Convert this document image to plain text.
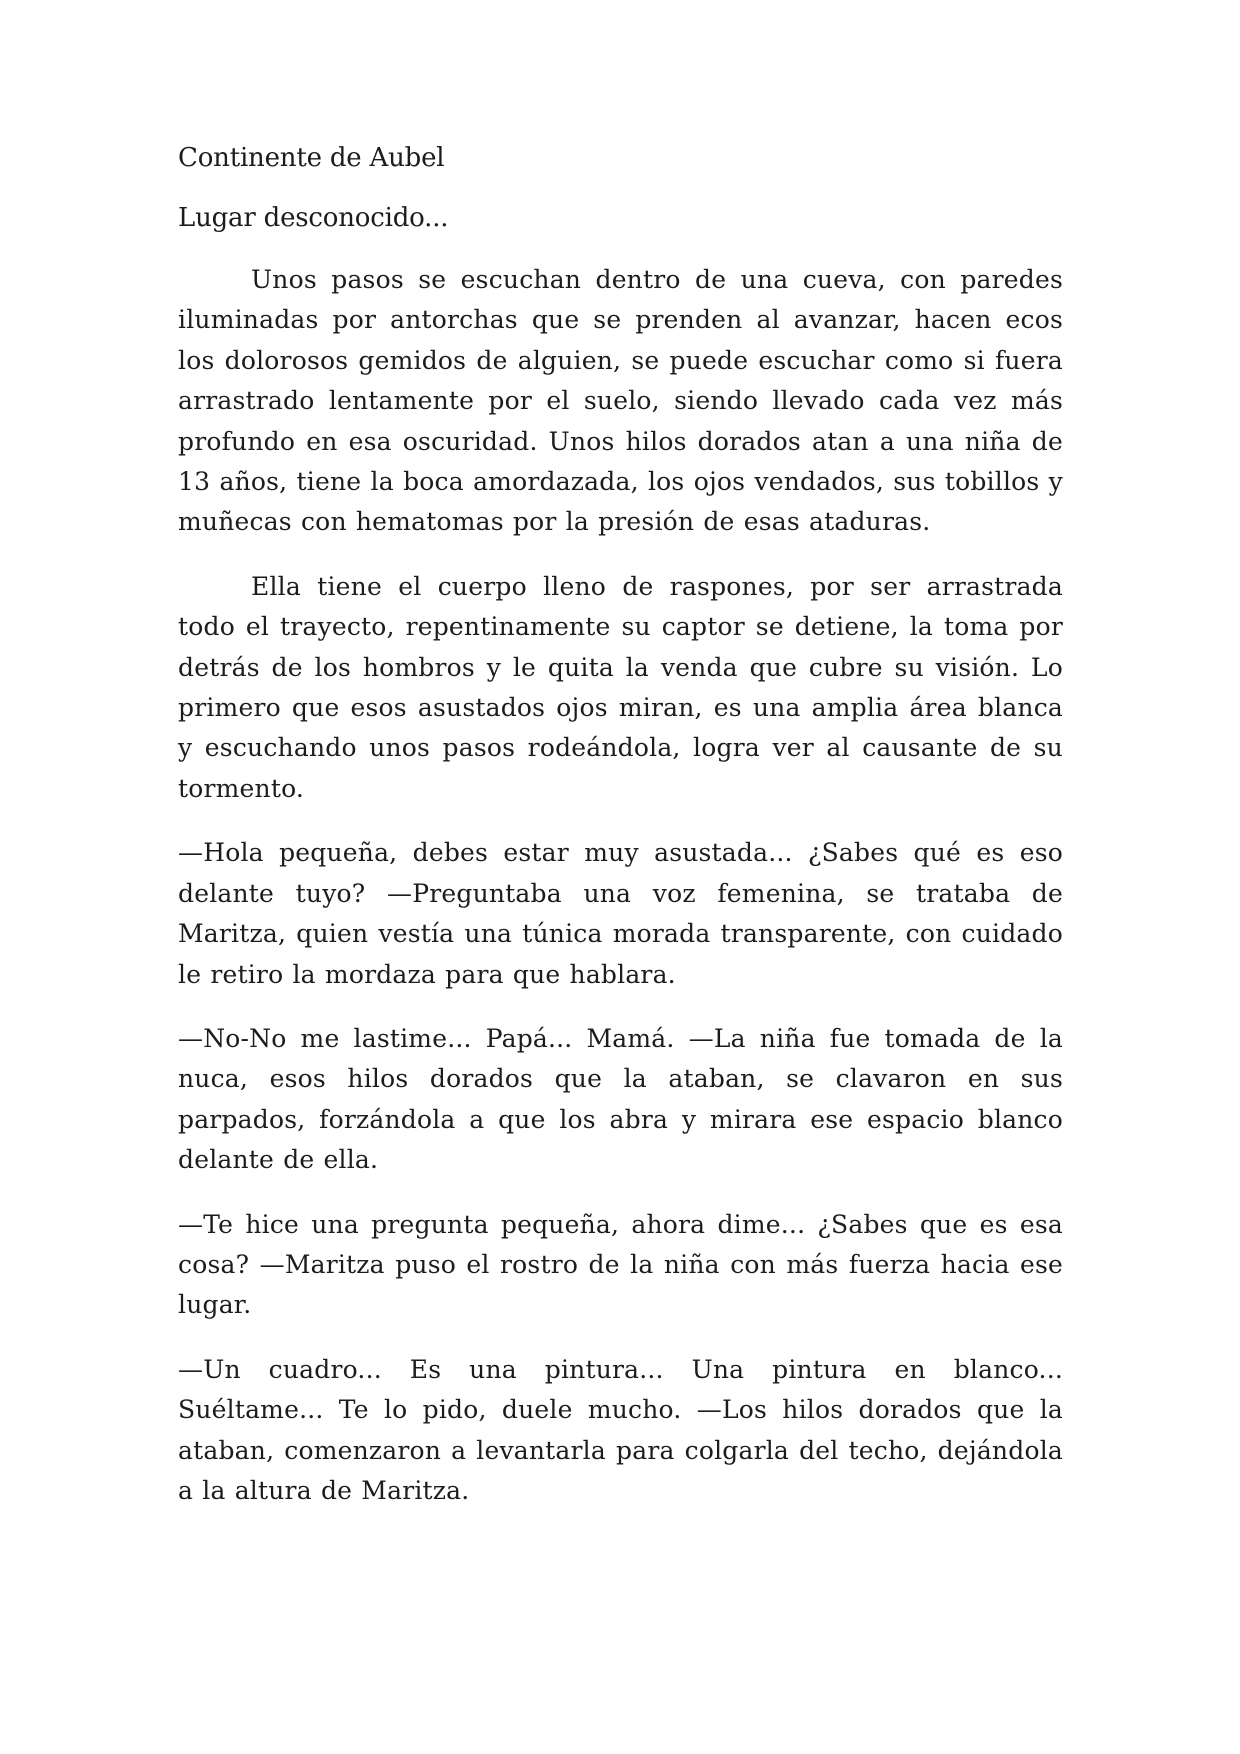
Continente de Aubel
Lugar desconocido...

Unos pasos se escuchan dentro de una cueva, con paredes iluminadas por antorchas que se prenden al avanzar, hacen ecos los dolorosos gemidos de alguien, se puede escuchar como si fuera arrastrado lentamente por el suelo, siendo llevado cada vez más profundo en esa oscuridad. Unos hilos dorados atan a una niña de 13 años, tiene la boca amordazada, los ojos vendados, sus tobillos y muñecas con hematomas por la presión de esas ataduras.

Ella tiene el cuerpo lleno de raspones, por ser arrastrada todo el trayecto, repentinamente su captor se detiene, la toma por detrás de los hombros y le quita la venda que cubre su visión. Lo primero que esos asustados ojos miran, es una amplia área blanca y escuchando unos pasos rodeándola, logra ver al causante de su tormento.

—Hola pequeña, debes estar muy asustada... ¿Sabes qué es eso delante tuyo? —Preguntaba una voz femenina, se trataba de Maritza, quien vestía una túnica morada transparente, con cuidado le retiro la mordaza para que hablara.

—No-No me lastime... Papá... Mamá. —La niña fue tomada de la nuca, esos hilos dorados que la ataban, se clavaron en sus parpados, forzándola a que los abra y mirara ese espacio blanco delante de ella.

—Te hice una pregunta pequeña, ahora dime... ¿Sabes que es esa cosa? —Maritza puso el rostro de la niña con más fuerza hacia ese lugar.

—Un cuadro... Es una pintura... Una pintura en blanco... Suéltame... Te lo pido, duele mucho. —Los hilos dorados que la ataban, comenzaron a levantarla para colgarla del techo, dejándola a la altura de Maritza.
